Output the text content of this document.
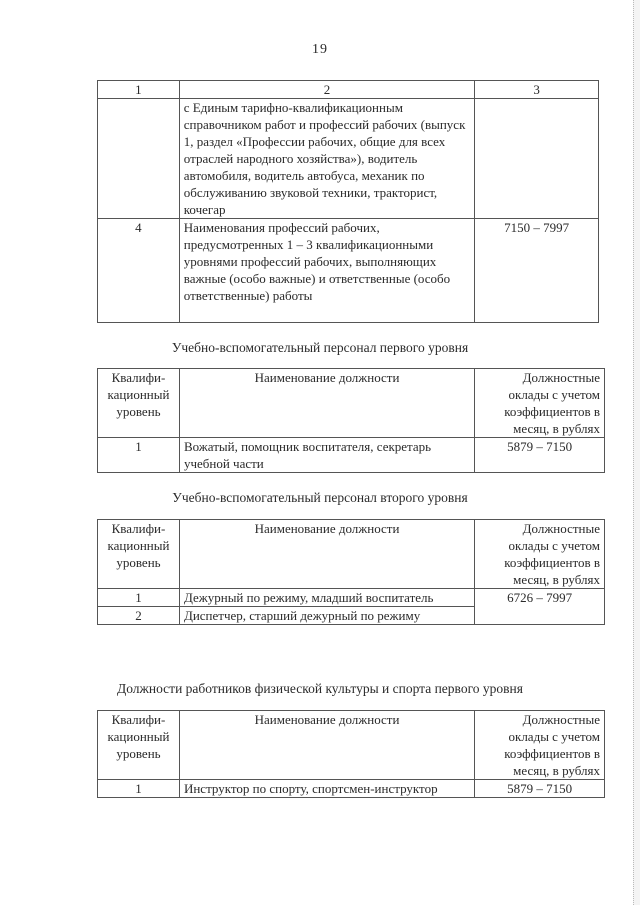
19
1	2	3
	с Единым тарифно-квалификационным справочником работ и профессий рабочих (выпуск 1, раздел «Профессии рабочих, общие для всех отраслей народного хозяйства»), водитель автомобиля, водитель автобуса, механик по обслуживанию звуковой техники, тракторист, кочегар	
4	Наименования профессий рабочих, предусмотренных 1 – 3 квалификационными уровнями профессий рабочих, выполняющих важные (особо важные) и ответственные (особо ответственные) работы	7150 – 7997
Учебно-вспомогательный персонал первого уровня
Квалифи-кационный уровень	Наименование должности	Должностные оклады с учетом коэффициентов в месяц, в рублях
1	Вожатый, помощник воспитателя, секретарь учебной части	5879 – 7150
Учебно-вспомогательный персонал второго уровня
Квалифи-кационный уровень	Наименование должности	Должностные оклады с учетом коэффициентов в месяц, в рублях
1	Дежурный по режиму, младший воспитатель	6726 – 7997
2	Диспетчер, старший дежурный по режиму	
Должности работников физической культуры и спорта первого уровня
Квалифи-кационный уровень	Наименование должности	Должностные оклады с учетом коэффициентов в месяц, в рублях
1	Инструктор по спорту, спортсмен-инструктор	5879 – 7150
